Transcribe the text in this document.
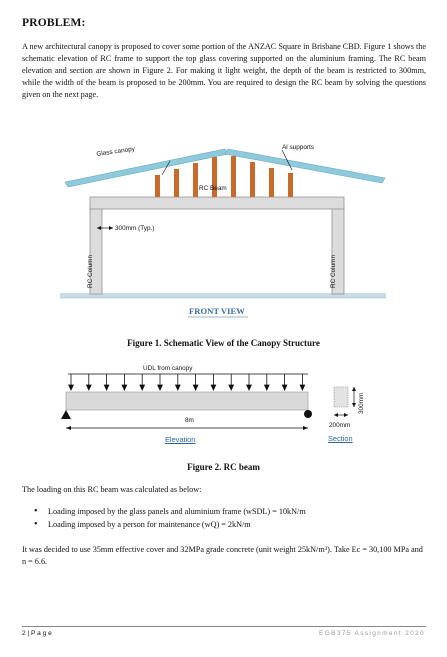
PROBLEM:
A new architectural canopy is proposed to cover some portion of the ANZAC Square in Brisbane CBD. Figure 1 shows the schematic elevation of RC frame to support the top glass covering supported on the aluminium framing. The RC beam elevation and section are shown in Figure 2. For making it light weight, the depth of the beam is restricted to 300mm, while the width of the beam is proposed to be 200mm. You are required to design the RC beam by solving the questions given on the next page.
Glass canopy	Al supports
RC Beam
300mm (Typ.)
RC Column	RC Column
FRONT VIEW
Figure 1. Schematic View of the Canopy Structure
UDL from canopy
8m
200mm
300mm
Elevation	Section
Figure 2. RC beam
The loading on this RC beam was calculated as below:
• Loading imposed by the glass panels and aluminium frame (wSDL) = 10kN/m
• Loading imposed by a person for maintenance (wQ) = 2kN/m
It was decided to use 35mm effective cover and 32MPa grade concrete (unit weight 25kN/m³). Take Ec = 30,100 MPa and n = 6.6.
2 | P a g e	EGB375 Assignment 2020
